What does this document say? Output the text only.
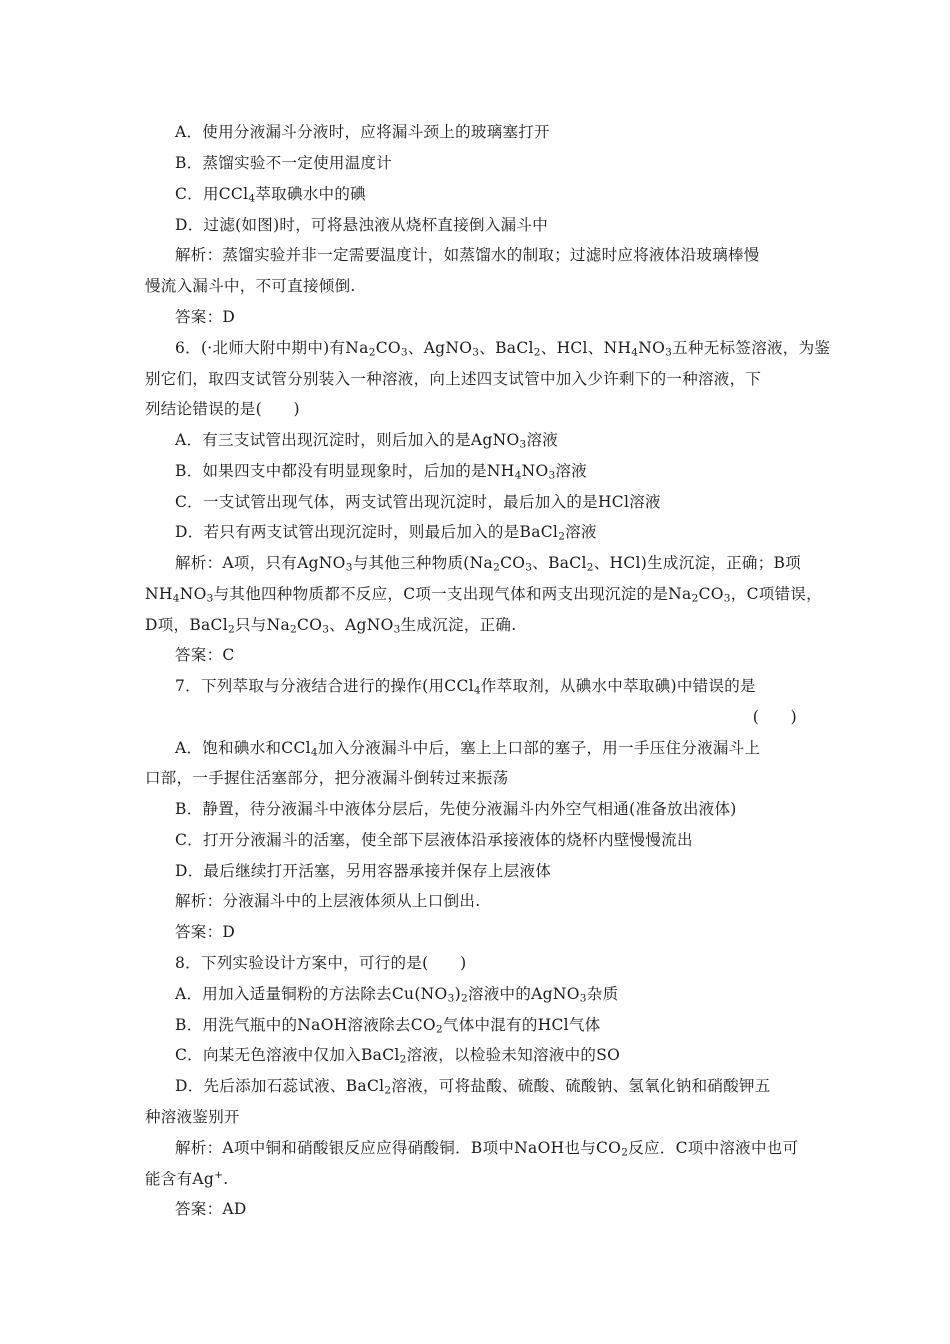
A．使用分液漏斗分液时，应将漏斗颈上的玻璃塞打开
B．蒸馏实验不一定使用温度计
C．用CCl$_4$萃取碘水中的碘
D．过滤(如图)时，可将悬浊液从烧杯直接倒入漏斗中
解析：蒸馏实验并非一定需要温度计，如蒸馏水的制取；过滤时应将液体沿玻璃棒慢
慢流入漏斗中，不可直接倾倒.
答案：D
6．(·北师大附中期中)有$Na_2CO_3$、AgNO$_3$、BaCl$_2$、HCl、$NH_4NO_3$五种无标签溶液，为鉴
别它们，取四支试管分别装入一种溶液，向上述四支试管中加入少许剩下的一种溶液，下
列结论错误的是(　　)
A．有三支试管出现沉淀时，则后加入的是AgNO$_3$溶液
B．如果四支中都没有明显现象时，后加的是$NH_4NO_3$溶液
C．一支试管出现气体，两支试管出现沉淀时，最后加入的是HCl溶液
D．若只有两支试管出现沉淀时，则最后加入的是BaCl$_2$溶液
解析：A项，只有AgNO$_3$与其他三种物质($Na_2CO_3$、BaCl$_2$、HCl)生成沉淀，正确；B项
$NH_4NO_3$与其他四种物质都不反应，C项一支出现气体和两支出现沉淀的是$Na_2CO_3$，C项错误，
D项，BaCl$_2$只与$Na_2CO_3$、AgNO$_3$生成沉淀，正确.
答案：C
7．下列萃取与分液结合进行的操作(用CCl$_4$作萃取剂，从碘水中萃取碘)中错误的是
(　　)
A．饱和碘水和CCl$_4$加入分液漏斗中后，塞上上口部的塞子，用一手压住分液漏斗上
口部，一手握住活塞部分，把分液漏斗倒转过来振荡
B．静置，待分液漏斗中液体分层后，先使分液漏斗内外空气相通(准备放出液体)
C．打开分液漏斗的活塞，使全部下层液体沿承接液体的烧杯内壁慢慢流出
D．最后继续打开活塞，另用容器承接并保存上层液体
解析：分液漏斗中的上层液体须从上口倒出.
答案：D
8．下列实验设计方案中，可行的是(　　)
A．用加入适量铜粉的方法除去$Cu(NO_3)_2$溶液中的AgNO$_3$杂质
B．用洗气瓶中的NaOH溶液除去$CO_2$气体中混有的HCl气体
C．向某无色溶液中仅加入BaCl$_2$溶液，以检验未知溶液中的SO
D．先后添加石蕊试液、BaCl$_2$溶液，可将盐酸、硫酸、硫酸钠、氢氧化钠和硝酸钾五
种溶液鉴别开
解析：A项中铜和硝酸银反应应得硝酸铜．B项中NaOH也与$CO_2$反应．C项中溶液中也可
能含有Ag+.
答案：AD
